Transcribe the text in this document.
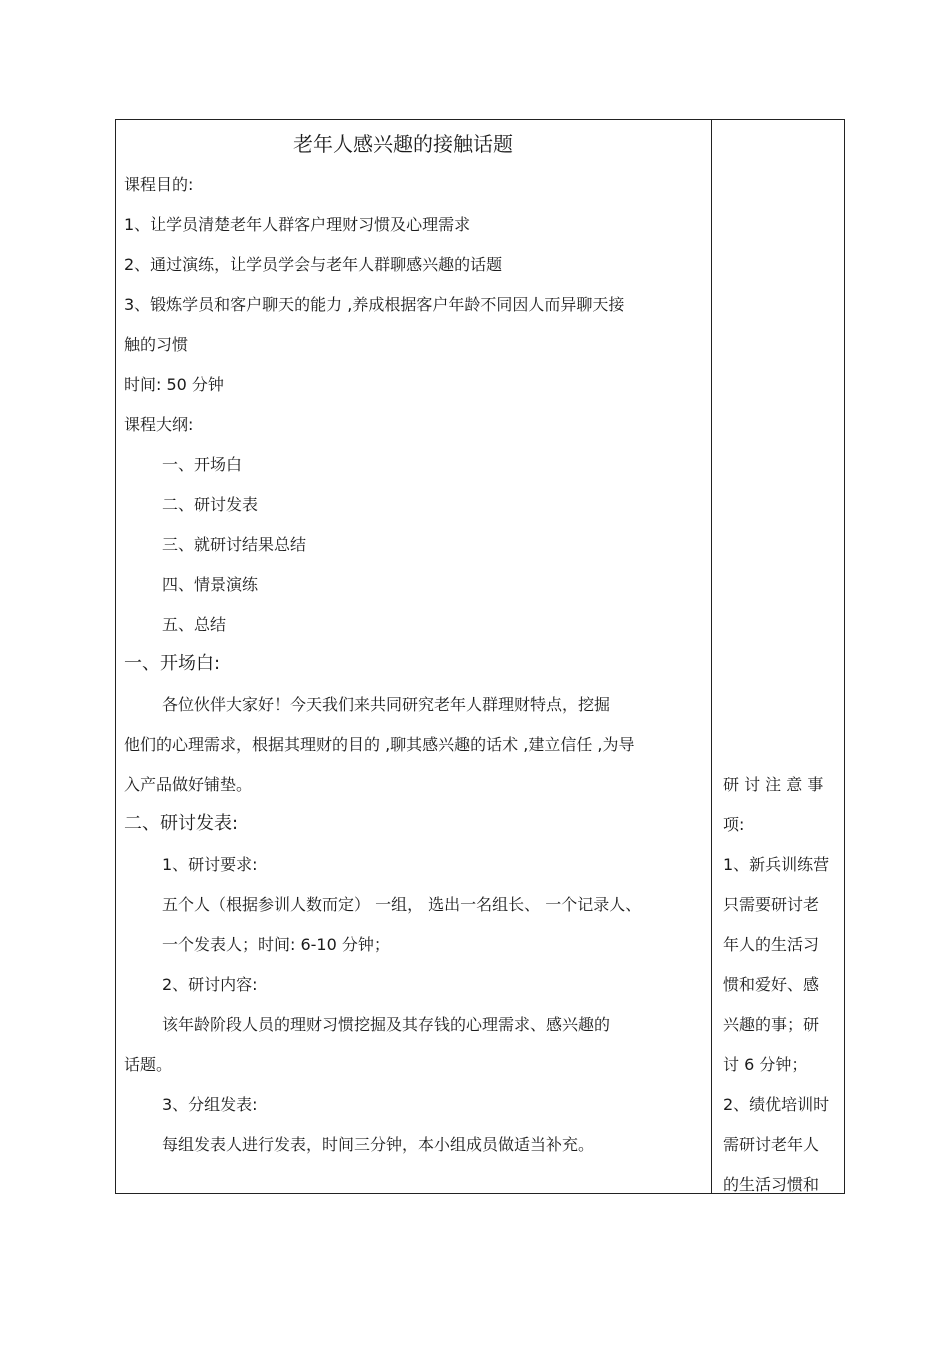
老年人感兴趣的接触话题
课程目的:
1、让学员清楚老年人群客户理财习惯及心理需求
2、通过演练，让学员学会与老年人群聊感兴趣的话题
3、锻炼学员和客户聊天的能力 ,养成根据客户年龄不同因人而异聊天接
触的习惯
时间: 50 分钟
课程大纲:
一、开场白
二、研讨发表
三、就研讨结果总结
四、情景演练
五、总结
一、开场白:
各位伙伴大家好！今天我们来共同研究老年人群理财特点，挖掘
他们的心理需求，根据其理财的目的 ,聊其感兴趣的话术 ,建立信任 ,为导
入产品做好铺垫。
二、研讨发表:
1、研讨要求:
五个人（根据参训人数而定） 一组， 选出一名组长、 一个记录人、
一个发表人；时间: 6-10 分钟；
2、研讨内容:
该年龄阶段人员的理财习惯挖掘及其存钱的心理需求、感兴趣的
话题。
3、分组发表:
每组发表人进行发表，时间三分钟，本小组成员做适当补充。
研 讨 注 意 事
项:
1、新兵训练营
只需要研讨老
年人的生活习
惯和爱好、感
兴趣的事；研
讨 6 分钟；
2、绩优培训时
需研讨老年人
的生活习惯和
